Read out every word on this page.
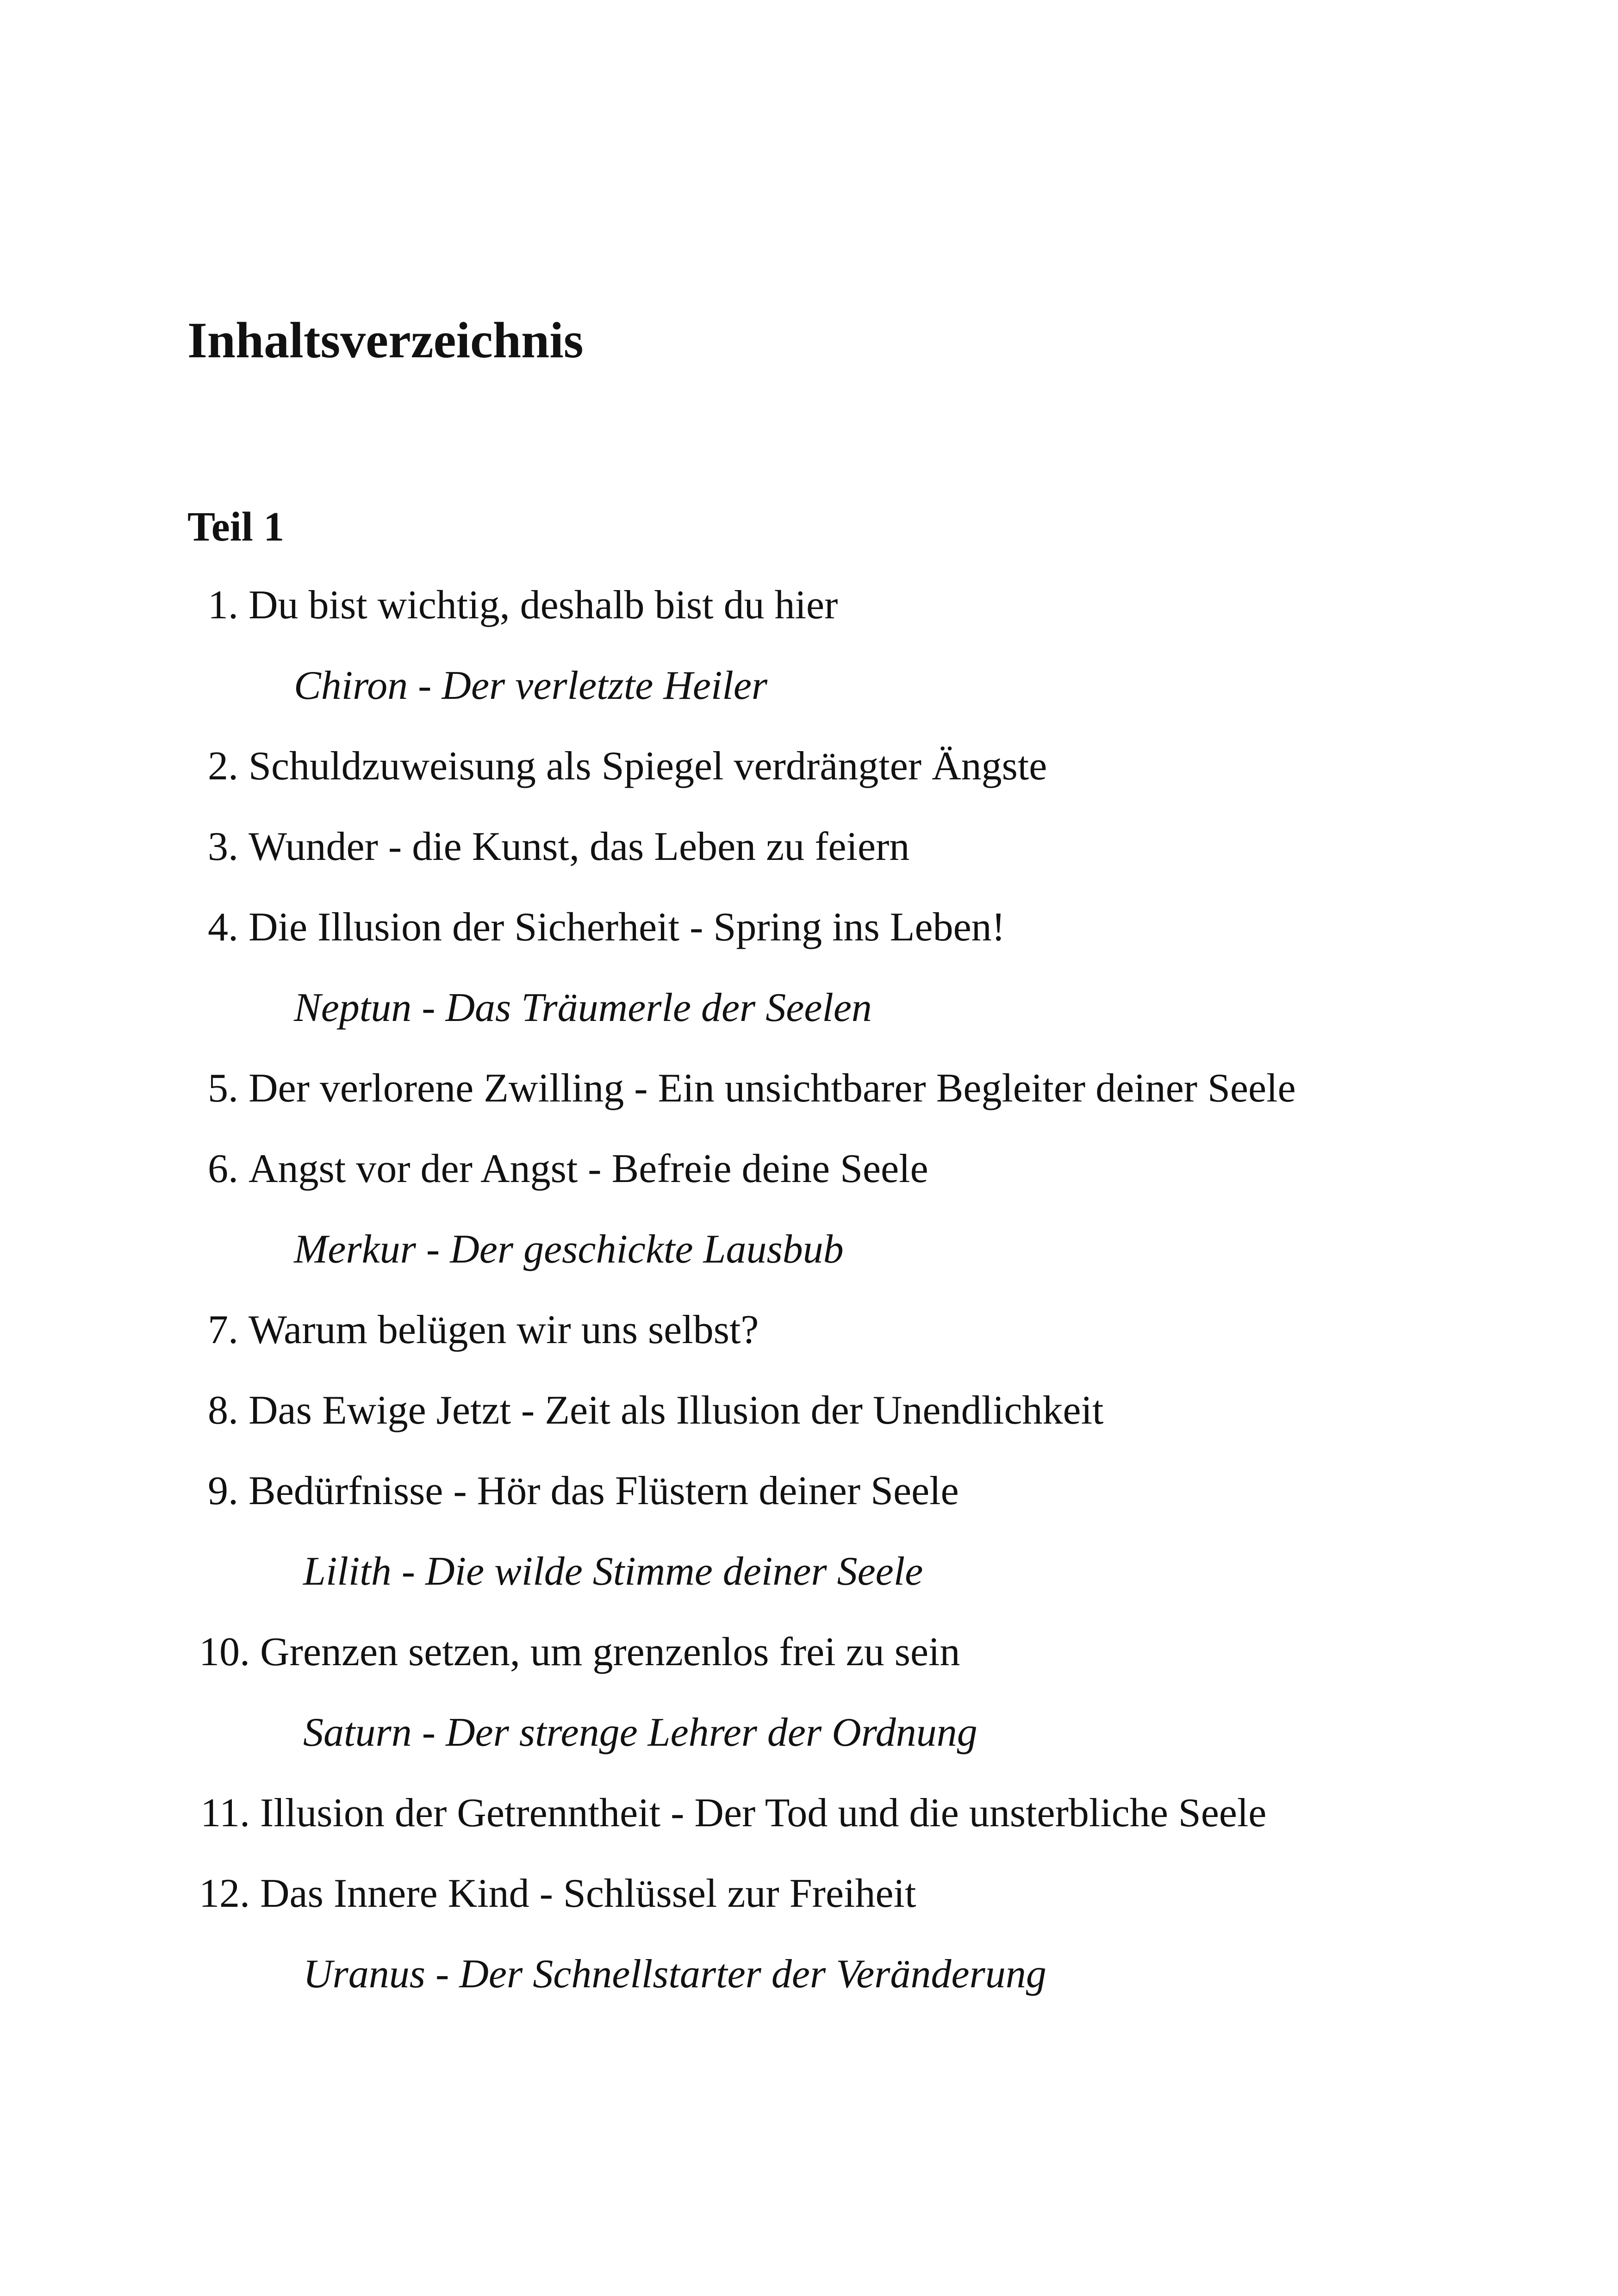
Inhaltsverzeichnis
Teil 1
1. Du bist wichtig, deshalb bist du hier
Chiron - Der verletzte Heiler
2. Schuldzuweisung als Spiegel verdrängter Ängste
3. Wunder - die Kunst, das Leben zu feiern
4. Die Illusion der Sicherheit - Spring ins Leben!
Neptun - Das Träumerle der Seelen
5. Der verlorene Zwilling - Ein unsichtbarer Begleiter deiner Seele
6. Angst vor der Angst - Befreie deine Seele
Merkur - Der geschickte Lausbub
7. Warum belügen wir uns selbst?
8. Das Ewige Jetzt - Zeit als Illusion der Unendlichkeit
9. Bedürfnisse - Hör das Flüstern deiner Seele
Lilith - Die wilde Stimme deiner Seele
10. Grenzen setzen, um grenzenlos frei zu sein
Saturn - Der strenge Lehrer der Ordnung
11. Illusion der Getrenntheit - Der Tod und die unsterbliche Seele
12. Das Innere Kind - Schlüssel zur Freiheit
Uranus - Der Schnellstarter der Veränderung
